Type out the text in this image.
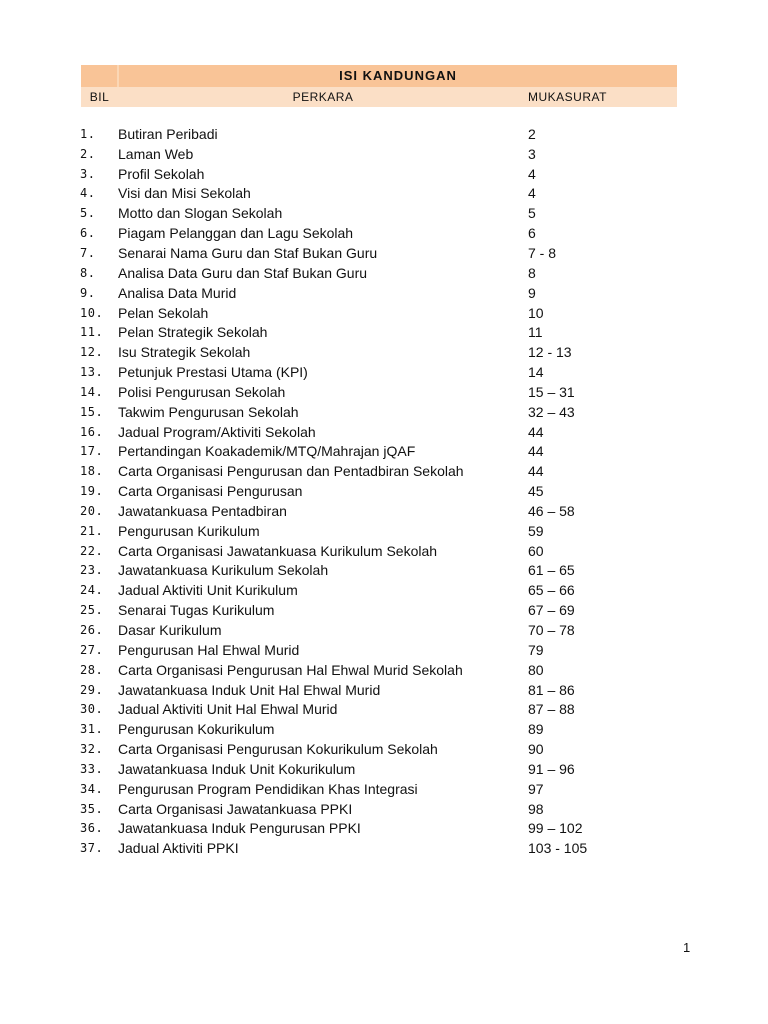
ISI KANDUNGAN
BIL	PERKARA	MUKASURAT
1.	Butiran Peribadi	2
2.	Laman Web	3
3.	Profil Sekolah	4
4.	Visi dan Misi Sekolah	4
5.	Motto dan Slogan Sekolah	5
6.	Piagam Pelanggan dan Lagu Sekolah	6
7.	Senarai Nama Guru dan Staf Bukan Guru	7 - 8
8.	Analisa Data Guru dan Staf Bukan Guru	8
9.	Analisa Data Murid	9
10.	Pelan Sekolah	10
11.	Pelan Strategik Sekolah	11
12.	Isu Strategik Sekolah	12 - 13
13.	Petunjuk Prestasi Utama (KPI)	14
14.	Polisi Pengurusan Sekolah	15 – 31
15.	Takwim Pengurusan Sekolah	32 – 43
16.	Jadual Program/Aktiviti Sekolah	44
17.	Pertandingan Koakademik/MTQ/Mahrajan jQAF	44
18.	Carta Organisasi Pengurusan dan Pentadbiran Sekolah	44
19.	Carta Organisasi Pengurusan	45
20.	Jawatankuasa Pentadbiran	46 – 58
21.	Pengurusan Kurikulum	59
22.	Carta Organisasi Jawatankuasa Kurikulum Sekolah	60
23.	Jawatankuasa Kurikulum Sekolah	61 – 65
24.	Jadual Aktiviti Unit Kurikulum	65 – 66
25.	Senarai Tugas Kurikulum	67 – 69
26.	Dasar Kurikulum	70 – 78
27.	Pengurusan Hal Ehwal Murid	79
28.	Carta Organisasi Pengurusan Hal Ehwal Murid Sekolah	80
29.	Jawatankuasa Induk Unit Hal Ehwal Murid	81 – 86
30.	Jadual Aktiviti Unit Hal Ehwal Murid	87 – 88
31.	Pengurusan Kokurikulum	89
32.	Carta Organisasi Pengurusan Kokurikulum Sekolah	90
33.	Jawatankuasa Induk Unit Kokurikulum	91 – 96
34.	Pengurusan Program Pendidikan Khas Integrasi	97
35.	Carta Organisasi Jawatankuasa PPKI	98
36.	Jawatankuasa Induk Pengurusan PPKI	99 – 102
37.	Jadual Aktiviti PPKI	103 - 105
1
